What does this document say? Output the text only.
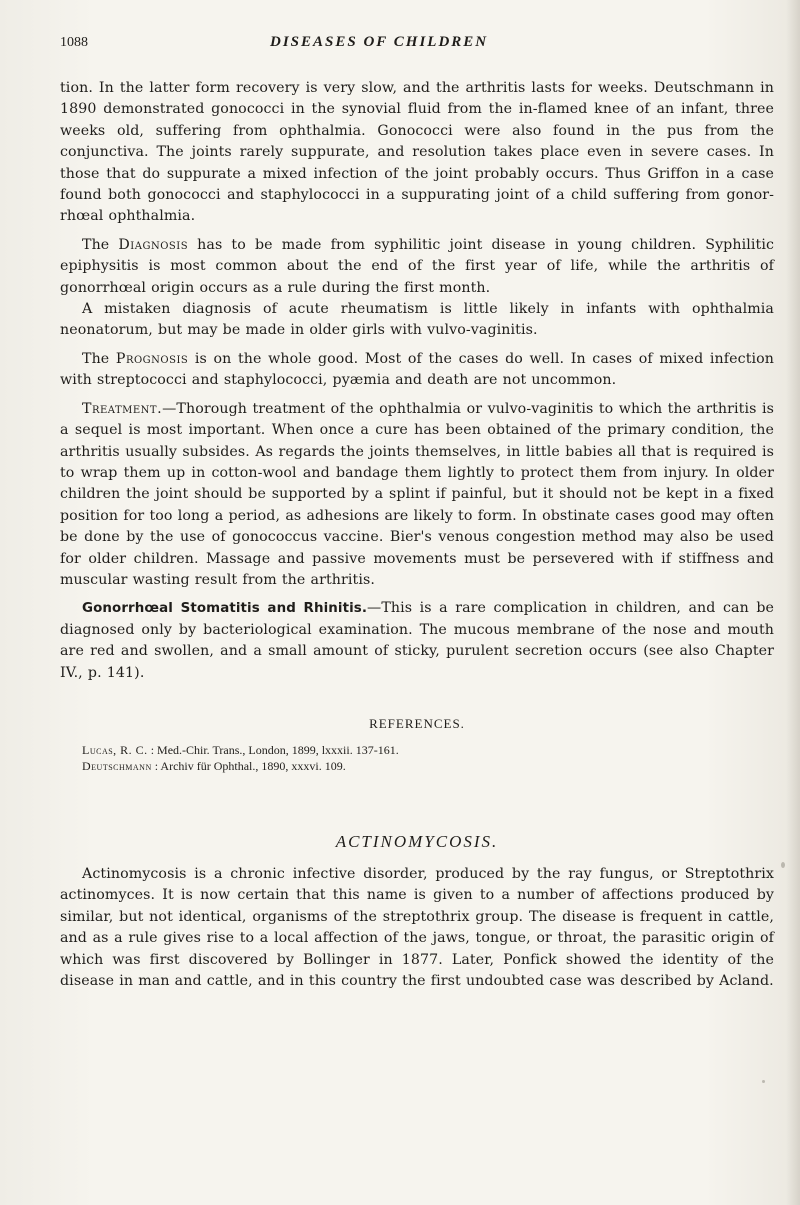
1088	DISEASES OF CHILDREN

tion. In the latter form recovery is very slow, and the arthritis lasts for weeks. Deutschmann in 1890 demonstrated gonococci in the synovial fluid from the in-flamed knee of an infant, three weeks old, suffering from ophthalmia. Gonococci were also found in the pus from the conjunctiva. The joints rarely suppurate, and resolution takes place even in severe cases. In those that do suppurate a mixed infection of the joint probably occurs. Thus Griffon in a case found both gonococci and staphylococci in a suppurating joint of a child suffering from gonor-rhœal ophthalmia.

The Diagnosis has to be made from syphilitic joint disease in young children. Syphilitic epiphysitis is most common about the end of the first year of life, while the arthritis of gonorrhœal origin occurs as a rule during the first month.

A mistaken diagnosis of acute rheumatism is little likely in infants with ophthalmia neonatorum, but may be made in older girls with vulvo-vaginitis.

The Prognosis is on the whole good. Most of the cases do well. In cases of mixed infection with streptococci and staphylococci, pyæmia and death are not uncommon.

Treatment.—Thorough treatment of the ophthalmia or vulvo-vaginitis to which the arthritis is a sequel is most important. When once a cure has been obtained of the primary condition, the arthritis usually subsides. As regards the joints themselves, in little babies all that is required is to wrap them up in cotton-wool and bandage them lightly to protect them from injury. In older children the joint should be supported by a splint if painful, but it should not be kept in a fixed position for too long a period, as adhesions are likely to form. In obstinate cases good may often be done by the use of gonococcus vaccine. Bier's venous congestion method may also be used for older children. Massage and passive movements must be persevered with if stiffness and muscular wasting result from the arthritis.

Gonorrhœal Stomatitis and Rhinitis.—This is a rare complication in children, and can be diagnosed only by bacteriological examination. The mucous membrane of the nose and mouth are red and swollen, and a small amount of sticky, purulent secretion occurs (see also Chapter IV., p. 141).

REFERENCES.

Lucas, R. C. : Med.-Chir. Trans., London, 1899, lxxxii. 137-161.

Deutschmann : Archiv für Ophthal., 1890, xxxvi. 109.

ACTINOMYCOSIS.

Actinomycosis is a chronic infective disorder, produced by the ray fungus, or Streptothrix actinomyces. It is now certain that this name is given to a number of affections produced by similar, but not identical, organisms of the streptothrix group. The disease is frequent in cattle, and as a rule gives rise to a local affection of the jaws, tongue, or throat, the parasitic origin of which was first discovered by Bollinger in 1877. Later, Ponfick showed the identity of the disease in man and cattle, and in this country the first undoubted case was described by Acland.
